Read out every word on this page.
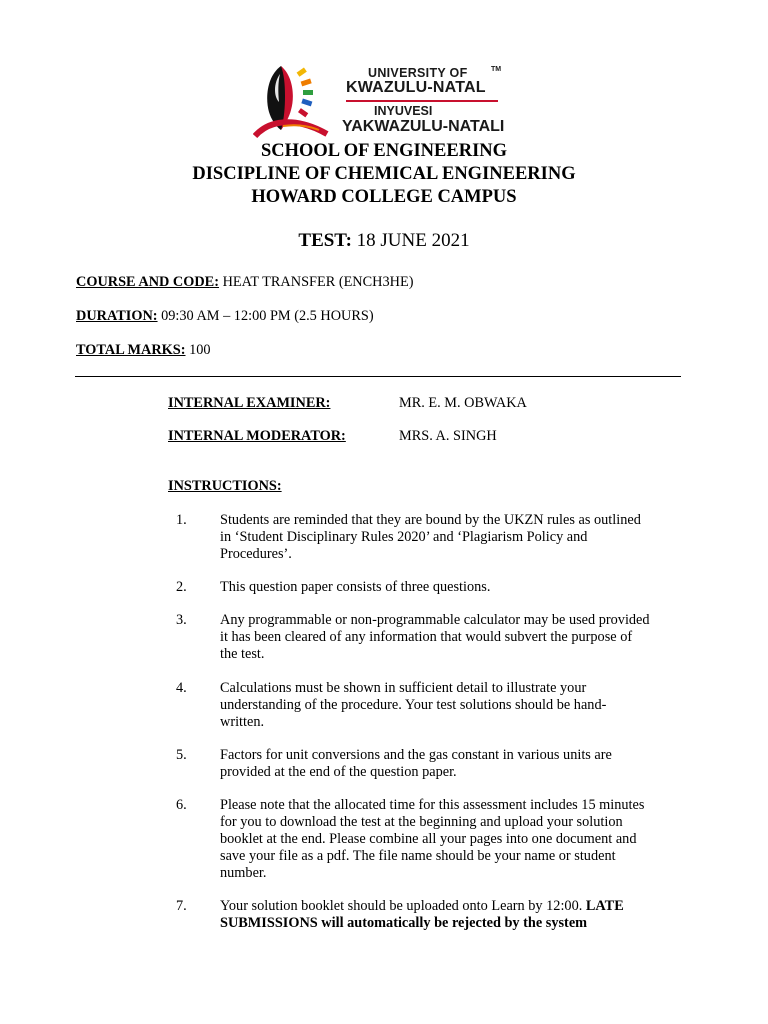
UNIVERSITY OF
KWAZULU-NATAL
TM
INYUVESI
YAKWAZULU-NATALI
SCHOOL OF ENGINEERING
DISCIPLINE OF CHEMICAL ENGINEERING
HOWARD COLLEGE CAMPUS
TEST: 18 JUNE 2021
COURSE AND CODE: HEAT TRANSFER (ENCH3HE)
DURATION: 09:30 AM – 12:00 PM (2.5 HOURS)
TOTAL MARKS: 100
INTERNAL EXAMINER:	MR. E. M. OBWAKA
INTERNAL MODERATOR:	MRS. A. SINGH
INSTRUCTIONS:
1. Students are reminded that they are bound by the UKZN rules as outlined
in ‘Student Disciplinary Rules 2020’ and ‘Plagiarism Policy and
Procedures’.
2. This question paper consists of three questions.
3. Any programmable or non-programmable calculator may be used provided
it has been cleared of any information that would subvert the purpose of
the test.
4. Calculations must be shown in sufficient detail to illustrate your
understanding of the procedure. Your test solutions should be hand-
written.
5. Factors for unit conversions and the gas constant in various units are
provided at the end of the question paper.
6. Please note that the allocated time for this assessment includes 15 minutes
for you to download the test at the beginning and upload your solution
booklet at the end. Please combine all your pages into one document and
save your file as a pdf. The file name should be your name or student
number.
7. Your solution booklet should be uploaded onto Learn by 12:00. LATE
SUBMISSIONS will automatically be rejected by the system
